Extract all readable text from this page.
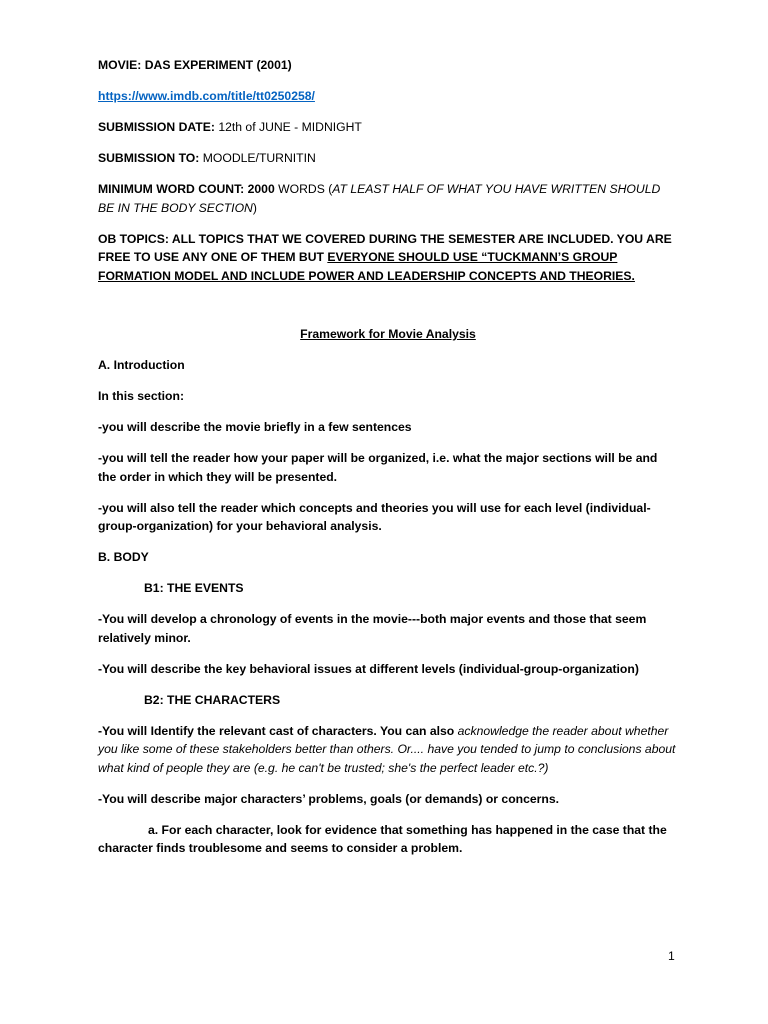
MOVIE: DAS EXPERIMENT (2001)

https://www.imdb.com/title/tt0250258/

SUBMISSION DATE: 12th of JUNE - MIDNIGHT

SUBMISSION TO: MOODLE/TURNITIN

MINIMUM WORD COUNT: 2000 WORDS (AT LEAST HALF OF WHAT YOU HAVE WRITTEN SHOULD BE IN THE BODY SECTION)

OB TOPICS: ALL TOPICS THAT WE COVERED DURING THE SEMESTER ARE INCLUDED. YOU ARE FREE TO USE ANY ONE OF THEM BUT EVERYONE SHOULD USE “TUCKMANN’S GROUP FORMATION MODEL AND INCLUDE POWER AND LEADERSHIP CONCEPTS AND THEORIES.

Framework for Movie Analysis

A. Introduction

In this section:

-you will describe the movie briefly in a few sentences

-you will tell the reader how your paper will be organized, i.e. what the major sections will be and the order in which they will be presented.

-you will also tell the reader which concepts and theories you will use for each level (individual-group-organization) for your behavioral analysis.

B. BODY

B1: THE EVENTS

-You will develop a chronology of events in the movie---both major events and those that seem relatively minor.

-You will describe the key behavioral issues at different levels (individual-group-organization)

B2: THE CHARACTERS

-You will Identify the relevant cast of characters. You can also acknowledge the reader about whether you like some of these stakeholders better than others. Or.... have you tended to jump to conclusions about what kind of people they are (e.g. he can't be trusted; she's the perfect leader etc.?)

-You will describe major characters’ problems, goals (or demands) or concerns.

a. For each character, look for evidence that something has happened in the case that the character finds troublesome and seems to consider a problem.

1
